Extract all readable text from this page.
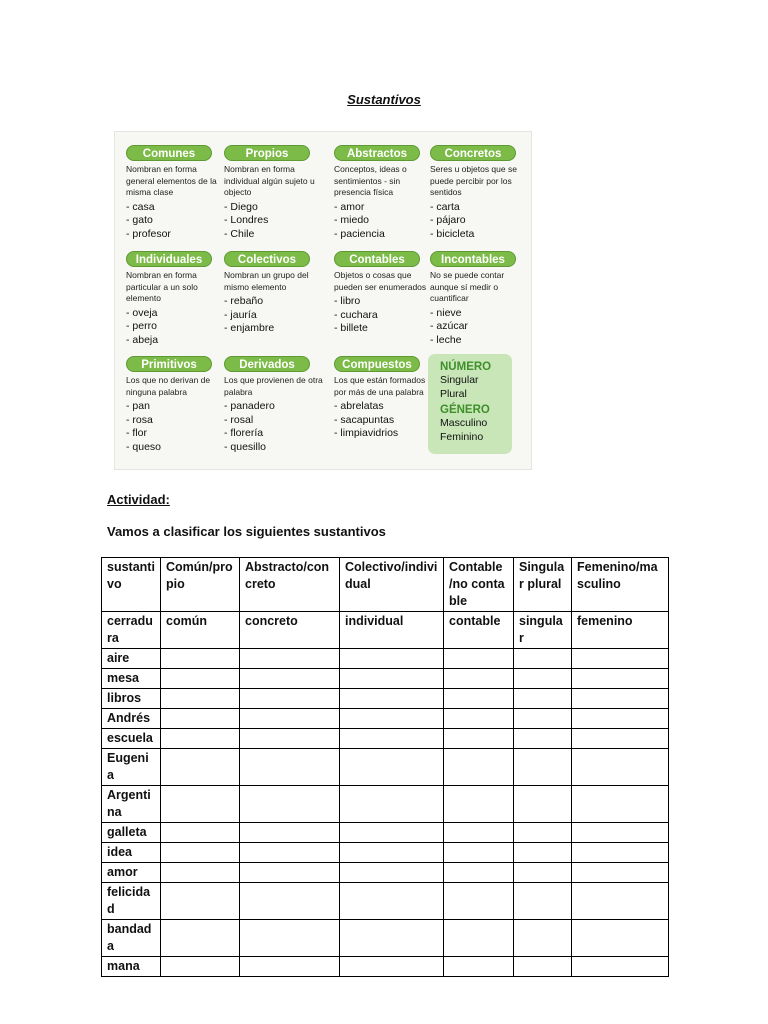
Sustantivos
Comunes
Nombran en forma general elementos de la misma clase
- casa
- gato
- profesor
Propios
Nombran en forma individual algún sujeto u objecto
- Diego
- Londres
- Chile
Abstractos
Conceptos, ideas o sentimientos - sin presencia física
- amor
- miedo
- paciencia
Concretos
Seres u objetos que se puede percibir por los sentidos
- carta
- pájaro
- bicicleta
Individuales
Nombran en forma particular a un solo elemento
- oveja
- perro
- abeja
Colectivos
Nombran un grupo del mismo elemento
- rebaño
- jauría
- enjambre
Contables
Objetos o cosas que pueden ser enumerados
- libro
- cuchara
- billete
Incontables
No se puede contar aunque sí medir o cuantificar
- nieve
- azúcar
- leche
Primitivos
Los que no derivan de ninguna palabra
- pan
- rosa
- flor
- queso
Derivados
Los que provienen de otra palabra
- panadero
- rosal
- florería
- quesillo
Compuestos
Los que están formados por más de una palabra
- abrelatas
- sacapuntas
- limpiavidrios
NÚMERO
Singular
Plural
GÉNERO
Masculino
Feminino
Actividad:
Vamos a clasificar los siguientes sustantivos
sustantivo	Común/propio	Abstracto/concreto	Colectivo/individual	Contable /no contable	Singular plural	Femenino/masculino
cerradura	común	concreto	individual	contable	singular	femenino
aire						
mesa						
libros						
Andrés						
escuela						
Eugenia						
Argentina						
galleta						
idea						
amor						
felicidad						
bandada						
mana						
